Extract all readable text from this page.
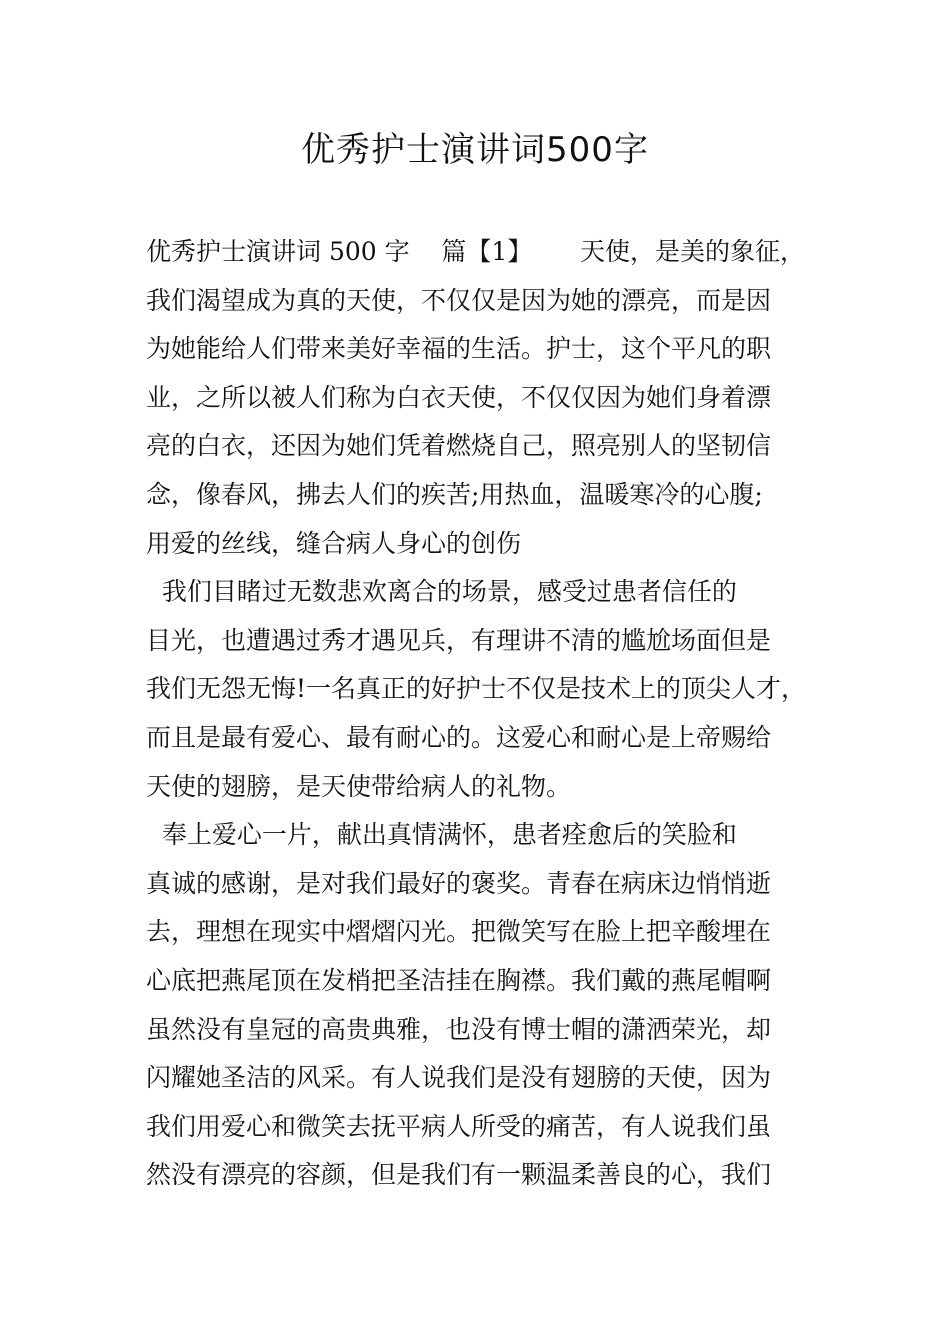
优秀护士演讲词500字
优秀护士演讲词 500 字    篇【1】      天使，是美的象征，
我们渴望成为真的天使，不仅仅是因为她的漂亮，而是因
为她能给人们带来美好幸福的生活。护士，这个平凡的职
业，之所以被人们称为白衣天使，不仅仅因为她们身着漂
亮的白衣，还因为她们凭着燃烧自己，照亮别人的坚韧信
念，像春风，拂去人们的疾苦;用热血，温暖寒冷的心腹;
用爱的丝线，缝合病人身心的创伤
我们目睹过无数悲欢离合的场景，感受过患者信任的
目光，也遭遇过秀才遇见兵，有理讲不清的尴尬场面但是
我们无怨无悔!一名真正的好护士不仅是技术上的顶尖人才，
而且是最有爱心、最有耐心的。这爱心和耐心是上帝赐给
天使的翅膀，是天使带给病人的礼物。
奉上爱心一片，献出真情满怀，患者痊愈后的笑脸和
真诚的感谢，是对我们最好的褒奖。青春在病床边悄悄逝
去，理想在现实中熠熠闪光。把微笑写在脸上把辛酸埋在
心底把燕尾顶在发梢把圣洁挂在胸襟。我们戴的燕尾帽啊
虽然没有皇冠的高贵典雅，也没有博士帽的潇洒荣光，却
闪耀她圣洁的风采。有人说我们是没有翅膀的天使，因为
我们用爱心和微笑去抚平病人所受的痛苦，有人说我们虽
然没有漂亮的容颜，但是我们有一颗温柔善良的心，我们
